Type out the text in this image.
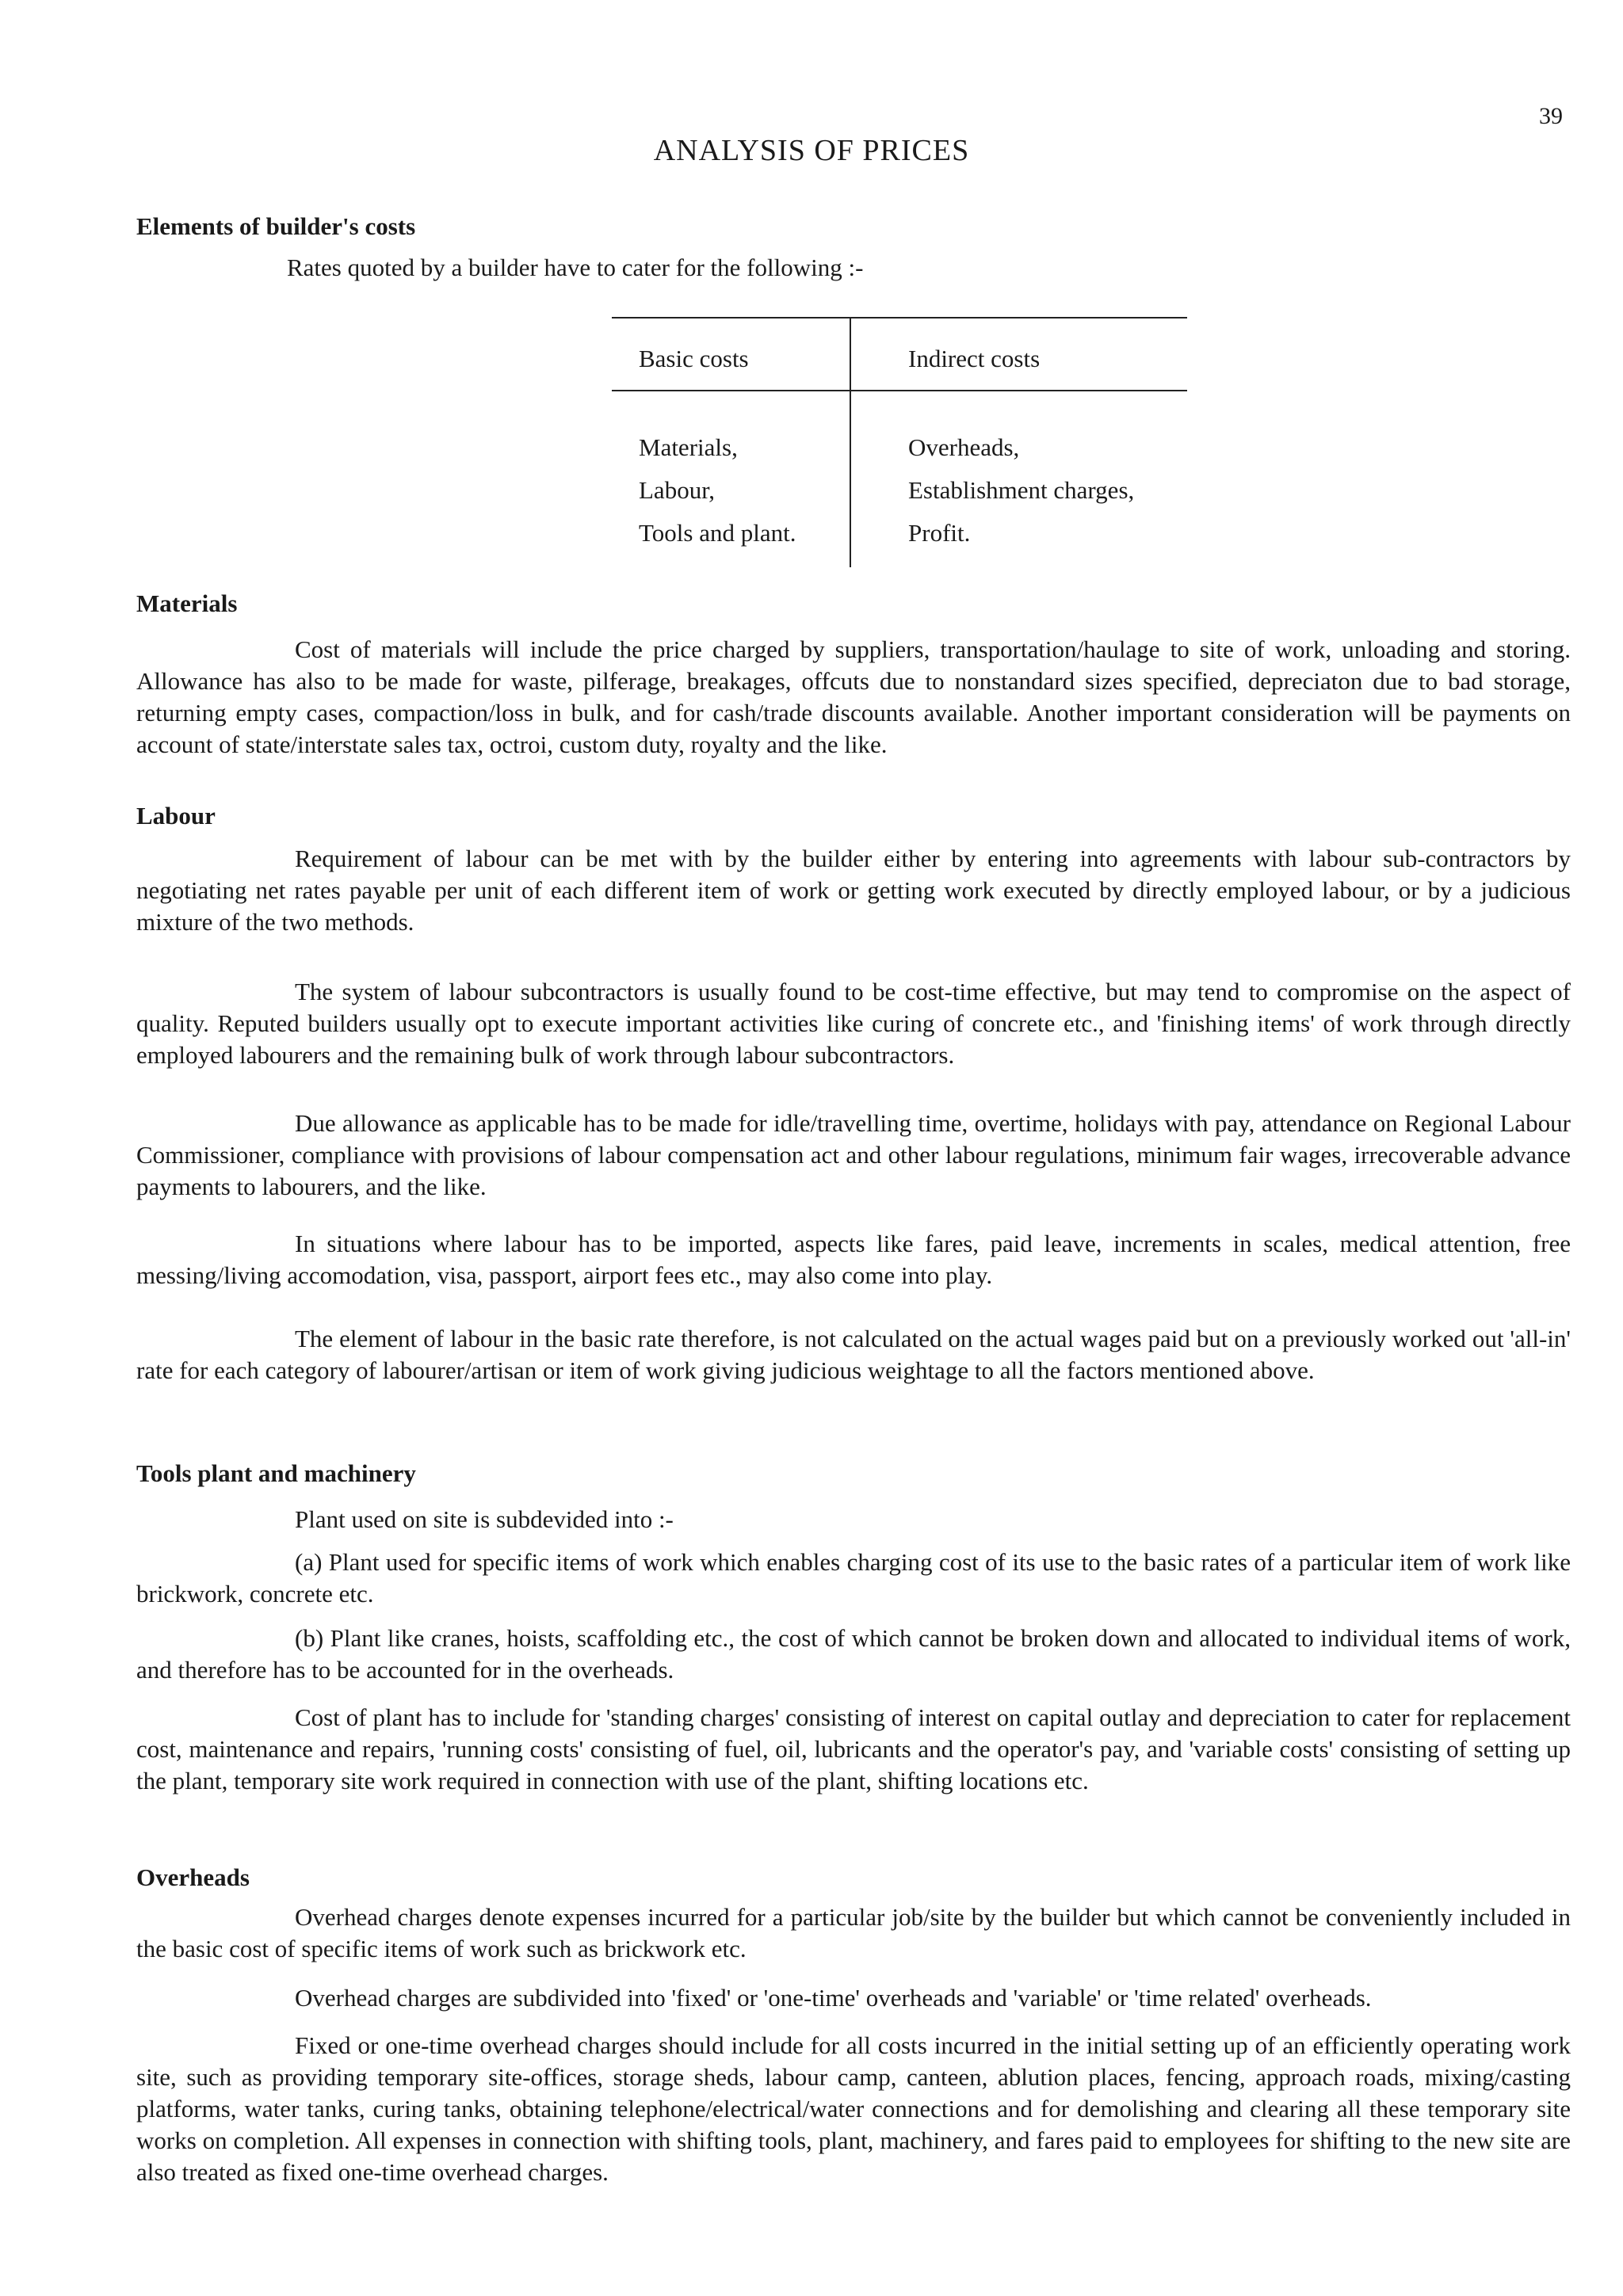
39
ANALYSIS OF PRICES
Elements of builder's costs
Rates quoted by a builder have to cater for the following :-
Basic costs	Indirect costs
Materials,
Labour,
Tools and plant.
Overheads,
Establishment charges,
Profit.
Materials
Cost of materials will include the price charged by suppliers, transportation/haulage to site of work, unloading and storing. Allowance has also to be made for waste, pilferage, breakages, offcuts due to nonstandard sizes specified, depreciaton due to bad storage, returning empty cases, compaction/loss in bulk, and for cash/trade discounts available. Another important consideration will be payments on account of state/interstate sales tax, octroi, custom duty, royalty and the like.
Labour
Requirement of labour can be met with by the builder either by entering into agreements with labour sub-contractors by negotiating net rates payable per unit of each different item of work or getting work executed by directly employed labour, or by a judicious mixture of the two methods.
The system of labour subcontractors is usually found to be cost-time effective, but may tend to compromise on the aspect of quality. Reputed builders usually opt to execute important activities like curing of concrete etc., and 'finishing items' of work through directly employed labourers and the remaining bulk of work through labour subcontractors.
Due allowance as applicable has to be made for idle/travelling time, overtime, holidays with pay, attendance on Regional Labour Commissioner, compliance with provisions of labour compensation act and other labour regulations, minimum fair wages, irrecoverable advance payments to labourers, and the like.
In situations where labour has to be imported, aspects like fares, paid leave, increments in scales, medical attention, free messing/living accomodation, visa, passport, airport fees etc., may also come into play.
The element of labour in the basic rate therefore, is not calculated on the actual wages paid but on a previously worked out 'all-in' rate for each category of labourer/artisan or item of work giving judicious weightage to all the factors mentioned above.
Tools plant and machinery
Plant used on site is subdevided into :-
(a) Plant used for specific items of work which enables charging cost of its use to the basic rates of a particular item of work like brickwork, concrete etc.
(b) Plant like cranes, hoists, scaffolding etc., the cost of which cannot be broken down and allocated to individual items of work, and therefore has to be accounted for in the overheads.
Cost of plant has to include for 'standing charges' consisting of interest on capital outlay and depreciation to cater for replacement cost, maintenance and repairs, 'running costs' consisting of fuel, oil, lubricants and the operator's pay, and 'variable costs' consisting of setting up the plant, temporary site work required in connection with use of the plant, shifting locations etc.
Overheads
Overhead charges denote expenses incurred for a particular job/site by the builder but which cannot be conveniently included in the basic cost of specific items of work such as brickwork etc.
Overhead charges are subdivided into 'fixed' or 'one-time' overheads and 'variable' or 'time related' overheads.
Fixed or one-time overhead charges should include for all costs incurred in the initial setting up of an efficiently operating work site, such as providing temporary site-offices, storage sheds, labour camp, canteen, ablution places, fencing, approach roads, mixing/casting platforms, water tanks, curing tanks, obtaining telephone/electrical/water connections and for demolishing and clearing all these temporary site works on completion. All expenses in connection with shifting tools, plant, machinery, and fares paid to employees for shifting to the new site are also treated as fixed one-time overhead charges.
